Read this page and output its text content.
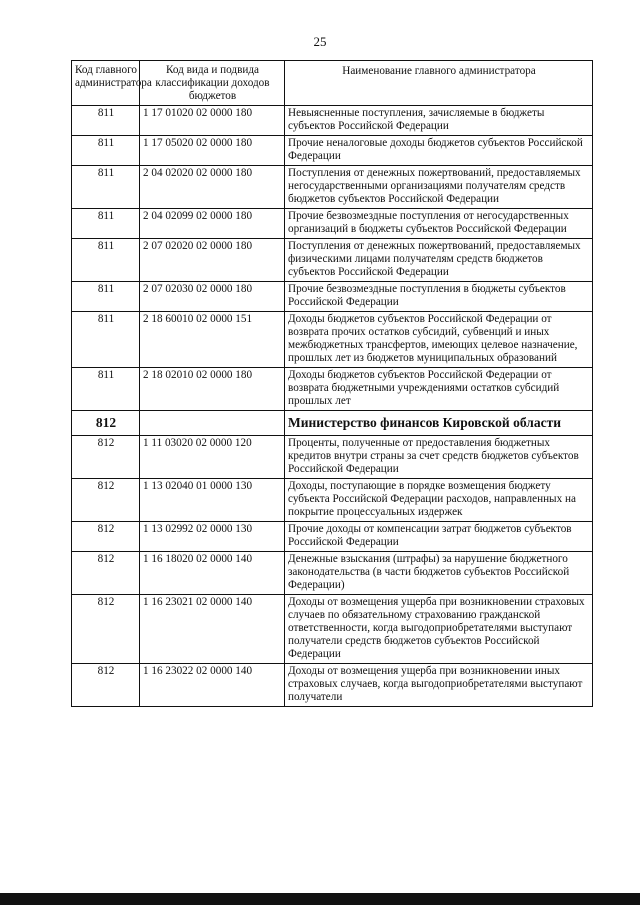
25
Код главного администратора	Код вида и подвида классификации доходов бюджетов	Наименование главного администратора
811	1 17 01020 02 0000 180	Невыясненные поступления, зачисляемые в бюджеты субъектов Российской Федерации
811	1 17 05020 02 0000 180	Прочие неналоговые доходы бюджетов субъектов Российской Федерации
811	2 04 02020 02 0000 180	Поступления от денежных пожертвований, предоставляемых негосударственными организациями получателям средств бюджетов субъектов Российской Федерации
811	2 04 02099 02 0000 180	Прочие безвозмездные поступления от негосударственных организаций в бюджеты субъектов Российской Федерации
811	2 07 02020 02 0000 180	Поступления от денежных пожертвований, предоставляемых физическими лицами получателям средств бюджетов субъектов Российской Федерации
811	2 07 02030 02 0000 180	Прочие безвозмездные поступления в бюджеты субъектов Российской Федерации
811	2 18 60010 02 0000 151	Доходы бюджетов субъектов Российской Федерации от возврата прочих остатков субсидий, субвенций и иных межбюджетных трансфертов, имеющих целевое назначение, прошлых лет из бюджетов муниципальных образований
811	2 18 02010 02 0000 180	Доходы бюджетов субъектов Российской Федерации от возврата бюджетными учреждениями остатков субсидий прошлых лет
812		Министерство финансов Кировской области
812	1 11 03020 02 0000 120	Проценты, полученные от предоставления бюджетных кредитов внутри страны за счет средств бюджетов субъектов Российской Федерации
812	1 13 02040 01 0000 130	Доходы, поступающие в порядке возмещения бюджету субъекта Российской Федерации расходов, направленных на покрытие процессуальных издержек
812	1 13 02992 02 0000 130	Прочие доходы от компенсации затрат бюджетов субъектов Российской Федерации
812	1 16 18020 02 0000 140	Денежные взыскания (штрафы) за нарушение бюджетного законодательства (в части бюджетов субъектов Российской Федерации)
812	1 16 23021 02 0000 140	Доходы от возмещения ущерба при возникновении страховых случаев по обязательному страхованию гражданской ответственности, когда выгодоприобретателями выступают получатели средств бюджетов субъектов Российской Федерации
812	1 16 23022 02 0000 140	Доходы от возмещения ущерба при возникновении иных страховых случаев, когда выгодоприобретателями выступают получатели
